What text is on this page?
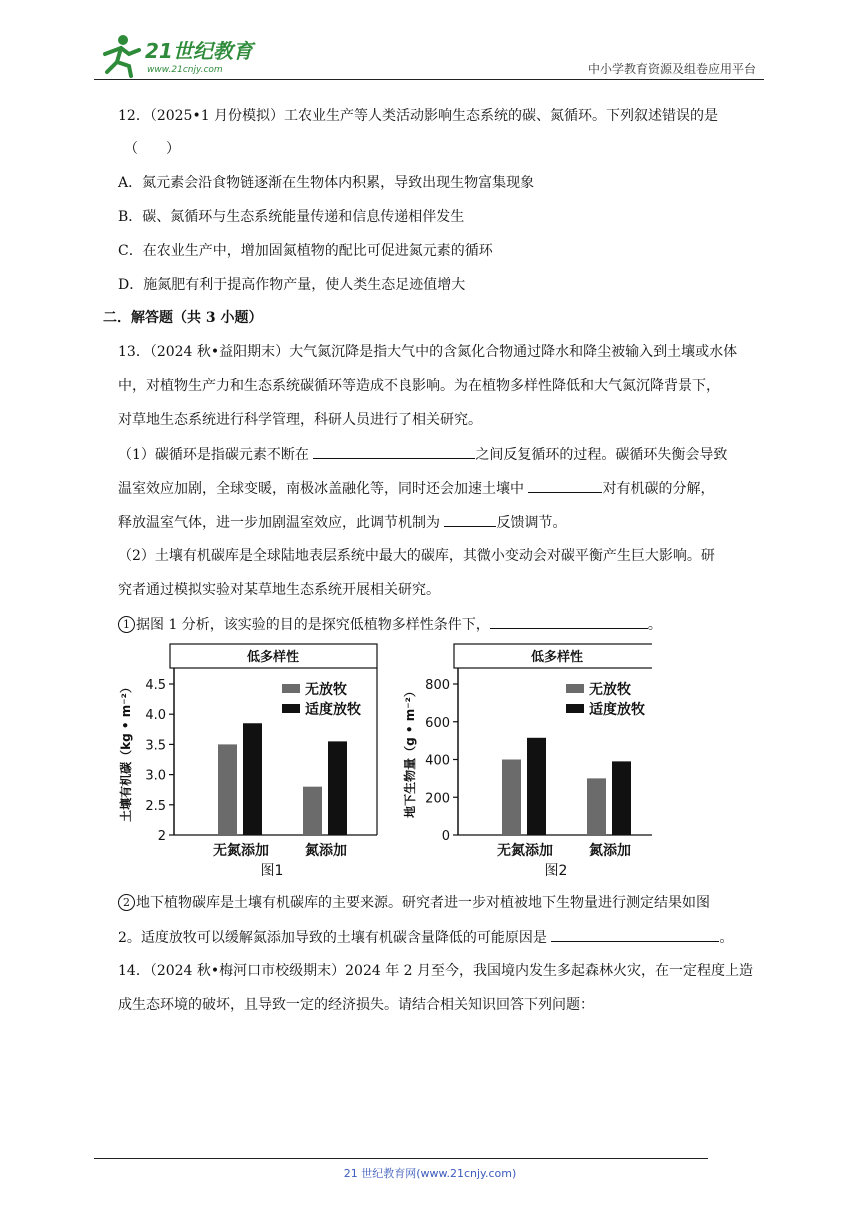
21世纪教育
www.21cnjy.com	中小学教育资源及组卷应用平台
12．（2025•1 月份模拟）工农业生产等人类活动影响生态系统的碳、氮循环。下列叙述错误的是
（　　）
A．氮元素会沿食物链逐渐在生物体内积累，导致出现生物富集现象
B．碳、氮循环与生态系统能量传递和信息传递相伴发生
C．在农业生产中，增加固氮植物的配比可促进氮元素的循环
D．施氮肥有利于提高作物产量，使人类生态足迹值增大
二．解答题（共 3 小题）
13．（2024 秋•益阳期末）大气氮沉降是指大气中的含氮化合物通过降水和降尘被输入到土壤或水体
中，对植物生产力和生态系统碳循环等造成不良影响。为在植物多样性降低和大气氮沉降背景下，
对草地生态系统进行科学管理，科研人员进行了相关研究。
（1）碳循环是指碳元素不断在	之间反复循环的过程。碳循环失衡会导致
温室效应加剧，全球变暖，南极冰盖融化等，同时还会加速土壤中	对有机碳的分解，
释放温室气体，进一步加剧温室效应，此调节机制为	反馈调节。
（2）土壤有机碳库是全球陆地表层系统中最大的碳库，其微小变动会对碳平衡产生巨大影响。研
究者通过模拟实验对某草地生态系统开展相关研究。
1 据图 1 分析，该实验的目的是探究低植物多样性条件下，	。
低多样性
2
2.5
3.0
3.5
4.0
4.5
土壤有机碳（kg • m⁻²）
无氮添加	氮添加
无放牧
适度放牧
图1
低多样性
0
200
400
600
800
地下生物量（g • m⁻²）
无氮添加	氮添加
无放牧
适度放牧
图2
2 地下植物碳库是土壤有机碳库的主要来源。研究者进一步对植被地下生物量进行测定结果如图
2。适度放牧可以缓解氮添加导致的土壤有机碳含量降低的可能原因是	。
14．（2024 秋•梅河口市校级期末）2024 年 2 月至今，我国境内发生多起森林火灾，在一定程度上造
成生态环境的破坏，且导致一定的经济损失。请结合相关知识回答下列问题：
21 世纪教育网(www.21cnjy.com)
